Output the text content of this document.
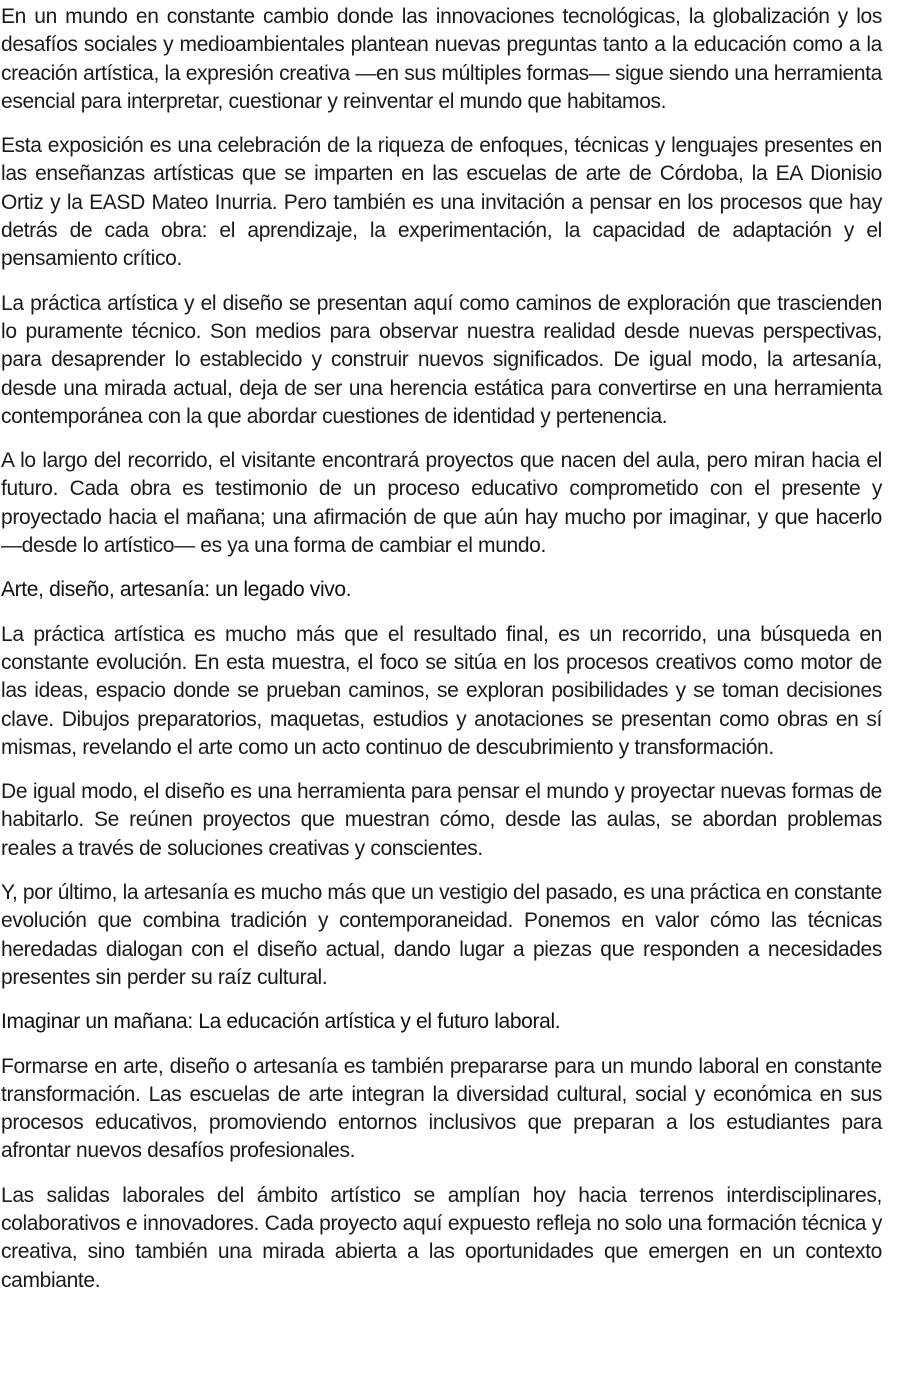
En un mundo en constante cambio donde las innovaciones tecnológicas, la globalización y los desafíos sociales y medioambientales plantean nuevas preguntas tanto a la educación como a la creación artística, la expresión creativa —en sus múltiples formas— sigue siendo una herramienta esencial para interpretar, cuestionar y reinventar el mundo que habitamos.

Esta exposición es una celebración de la riqueza de enfoques, técnicas y lenguajes presentes en las enseñanzas artísticas que se imparten en las escuelas de arte de Córdoba, la EA Dionisio Ortiz y la EASD Mateo Inurria. Pero también es una invitación a pensar en los procesos que hay detrás de cada obra: el aprendizaje, la experimentación, la capacidad de adaptación y el pensamiento crítico.

La práctica artística y el diseño se presentan aquí como caminos de exploración que trascienden lo puramente técnico. Son medios para observar nuestra realidad desde nuevas perspectivas, para desaprender lo establecido y construir nuevos significados. De igual modo, la artesanía, desde una mirada actual, deja de ser una herencia estática para convertirse en una herramienta contemporánea con la que abordar cuestiones de identidad y pertenencia.

A lo largo del recorrido, el visitante encontrará proyectos que nacen del aula, pero miran hacia el futuro. Cada obra es testimonio de un proceso educativo comprometido con el presente y proyectado hacia el mañana; una afirmación de que aún hay mucho por imaginar, y que hacerlo —desde lo artístico— es ya una forma de cambiar el mundo.

Arte, diseño, artesanía: un legado vivo.

La práctica artística es mucho más que el resultado final, es un recorrido, una búsqueda en constante evolución. En esta muestra, el foco se sitúa en los procesos creativos como motor de las ideas, espacio donde se prueban caminos, se exploran posibilidades y se toman decisiones clave. Dibujos preparatorios, maquetas, estudios y anotaciones se presentan como obras en sí mismas, revelando el arte como un acto continuo de descubrimiento y transformación.

De igual modo, el diseño es una herramienta para pensar el mundo y proyectar nuevas formas de habitarlo. Se reúnen proyectos que muestran cómo, desde las aulas, se abordan problemas reales a través de soluciones creativas y conscientes.

Y, por último, la artesanía es mucho más que un vestigio del pasado, es una práctica en constante evolución que combina tradición y contemporaneidad. Ponemos en valor cómo las técnicas heredadas dialogan con el diseño actual, dando lugar a piezas que responden a necesidades presentes sin perder su raíz cultural.

Imaginar un mañana: La educación artística y el futuro laboral.

Formarse en arte, diseño o artesanía es también prepararse para un mundo laboral en constante transformación. Las escuelas de arte integran la diversidad cultural, social y económica en sus procesos educativos, promoviendo entornos inclusivos que preparan a los estudiantes para afrontar nuevos desafíos profesionales.

Las salidas laborales del ámbito artístico se amplían hoy hacia terrenos interdisciplinares, colaborativos e innovadores. Cada proyecto aquí expuesto refleja no solo una formación técnica y creativa, sino también una mirada abierta a las oportunidades que emergen en un contexto cambiante.
